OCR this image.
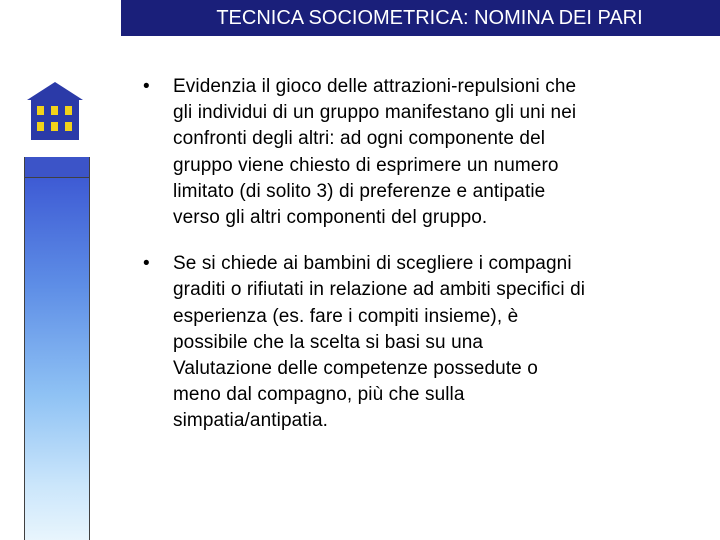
TECNICA SOCIOMETRICA: NOMINA DEI PARI
• Evidenzia il gioco delle attrazioni-repulsioni che
gli individui di un gruppo manifestano gli uni nei
confronti degli altri: ad ogni componente del
gruppo viene chiesto di esprimere un numero
limitato (di solito 3) di preferenze e antipatie
verso gli altri componenti del gruppo.
• Se si chiede ai bambini di scegliere i compagni
graditi o rifiutati in relazione ad ambiti specifici di
esperienza (es. fare i compiti insieme), è
possibile che la scelta si basi su una
Valutazione delle competenze possedute o
meno dal compagno, più che sulla
simpatia/antipatia.
